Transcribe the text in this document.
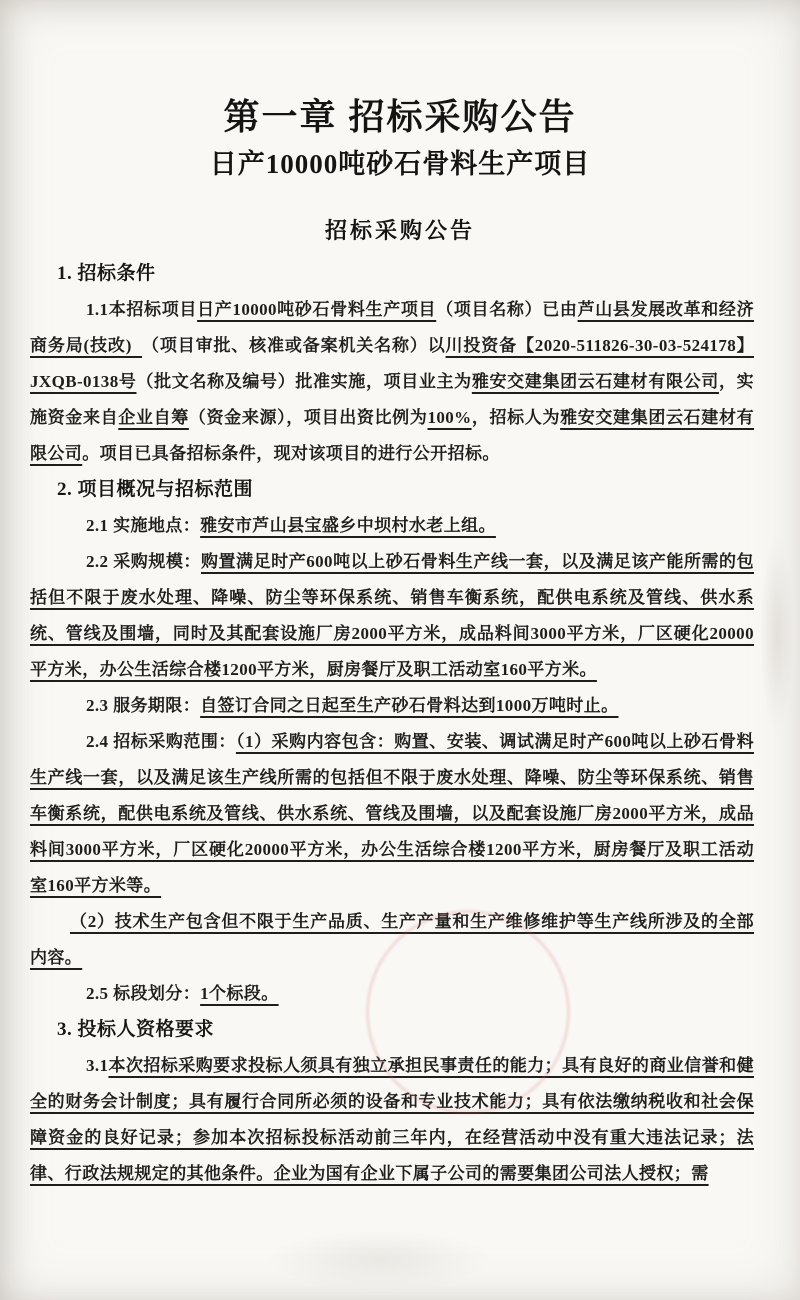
第一章 招标采购公告
日产10000吨砂石骨料生产项目
招标采购公告
1. 招标条件

1.1本招标项目日产10000吨砂石骨料生产项目（项目名称）已由芦山县发展改革和经济商务局(技改)  （项目审批、核准或备案机关名称）以川投资备【2020-511826-30-03-524178】JXQB-0138号（批文名称及编号）批准实施，项目业主为雅安交建集团云石建材有限公司，实施资金来自企业自筹（资金来源），项目出资比例为100%，招标人为雅安交建集团云石建材有限公司。项目已具备招标条件，现对该项目的进行公开招标。

2. 项目概况与招标范围

2.1 实施地点：雅安市芦山县宝盛乡中坝村水老上组。

2.2 采购规模：购置满足时产600吨以上砂石骨料生产线一套，以及满足该产能所需的包括但不限于废水处理、降噪、防尘等环保系统、销售车衡系统，配供电系统及管线、供水系统、管线及围墙，同时及其配套设施厂房2000平方米，成品料间3000平方米，厂区硬化20000平方米，办公生活综合楼1200平方米，厨房餐厅及职工活动室160平方米。

2.3 服务期限：自签订合同之日起至生产砂石骨料达到1000万吨时止。

2.4 招标采购范围：（1）采购内容包含：购置、安装、调试满足时产600吨以上砂石骨料生产线一套，以及满足该生产线所需的包括但不限于废水处理、降噪、防尘等环保系统、销售车衡系统，配供电系统及管线、供水系统、管线及围墙，以及配套设施厂房2000平方米，成品料间3000平方米，厂区硬化20000平方米，办公生活综合楼1200平方米，厨房餐厅及职工活动室160平方米等。

（2）技术生产包含但不限于生产品质、生产产量和生产维修维护等生产线所涉及的全部内容。

2.5 标段划分：1个标段。

3. 投标人资格要求

3.1本次招标采购要求投标人须具有独立承担民事责任的能力；具有良好的商业信誉和健全的财务会计制度；具有履行合同所必须的设备和专业技术能力；具有依法缴纳税收和社会保障资金的良好记录；参加本次招标投标活动前三年内，在经营活动中没有重大违法记录；法律、行政法规规定的其他条件。企业为国有企业下属子公司的需要集团公司法人授权；需
